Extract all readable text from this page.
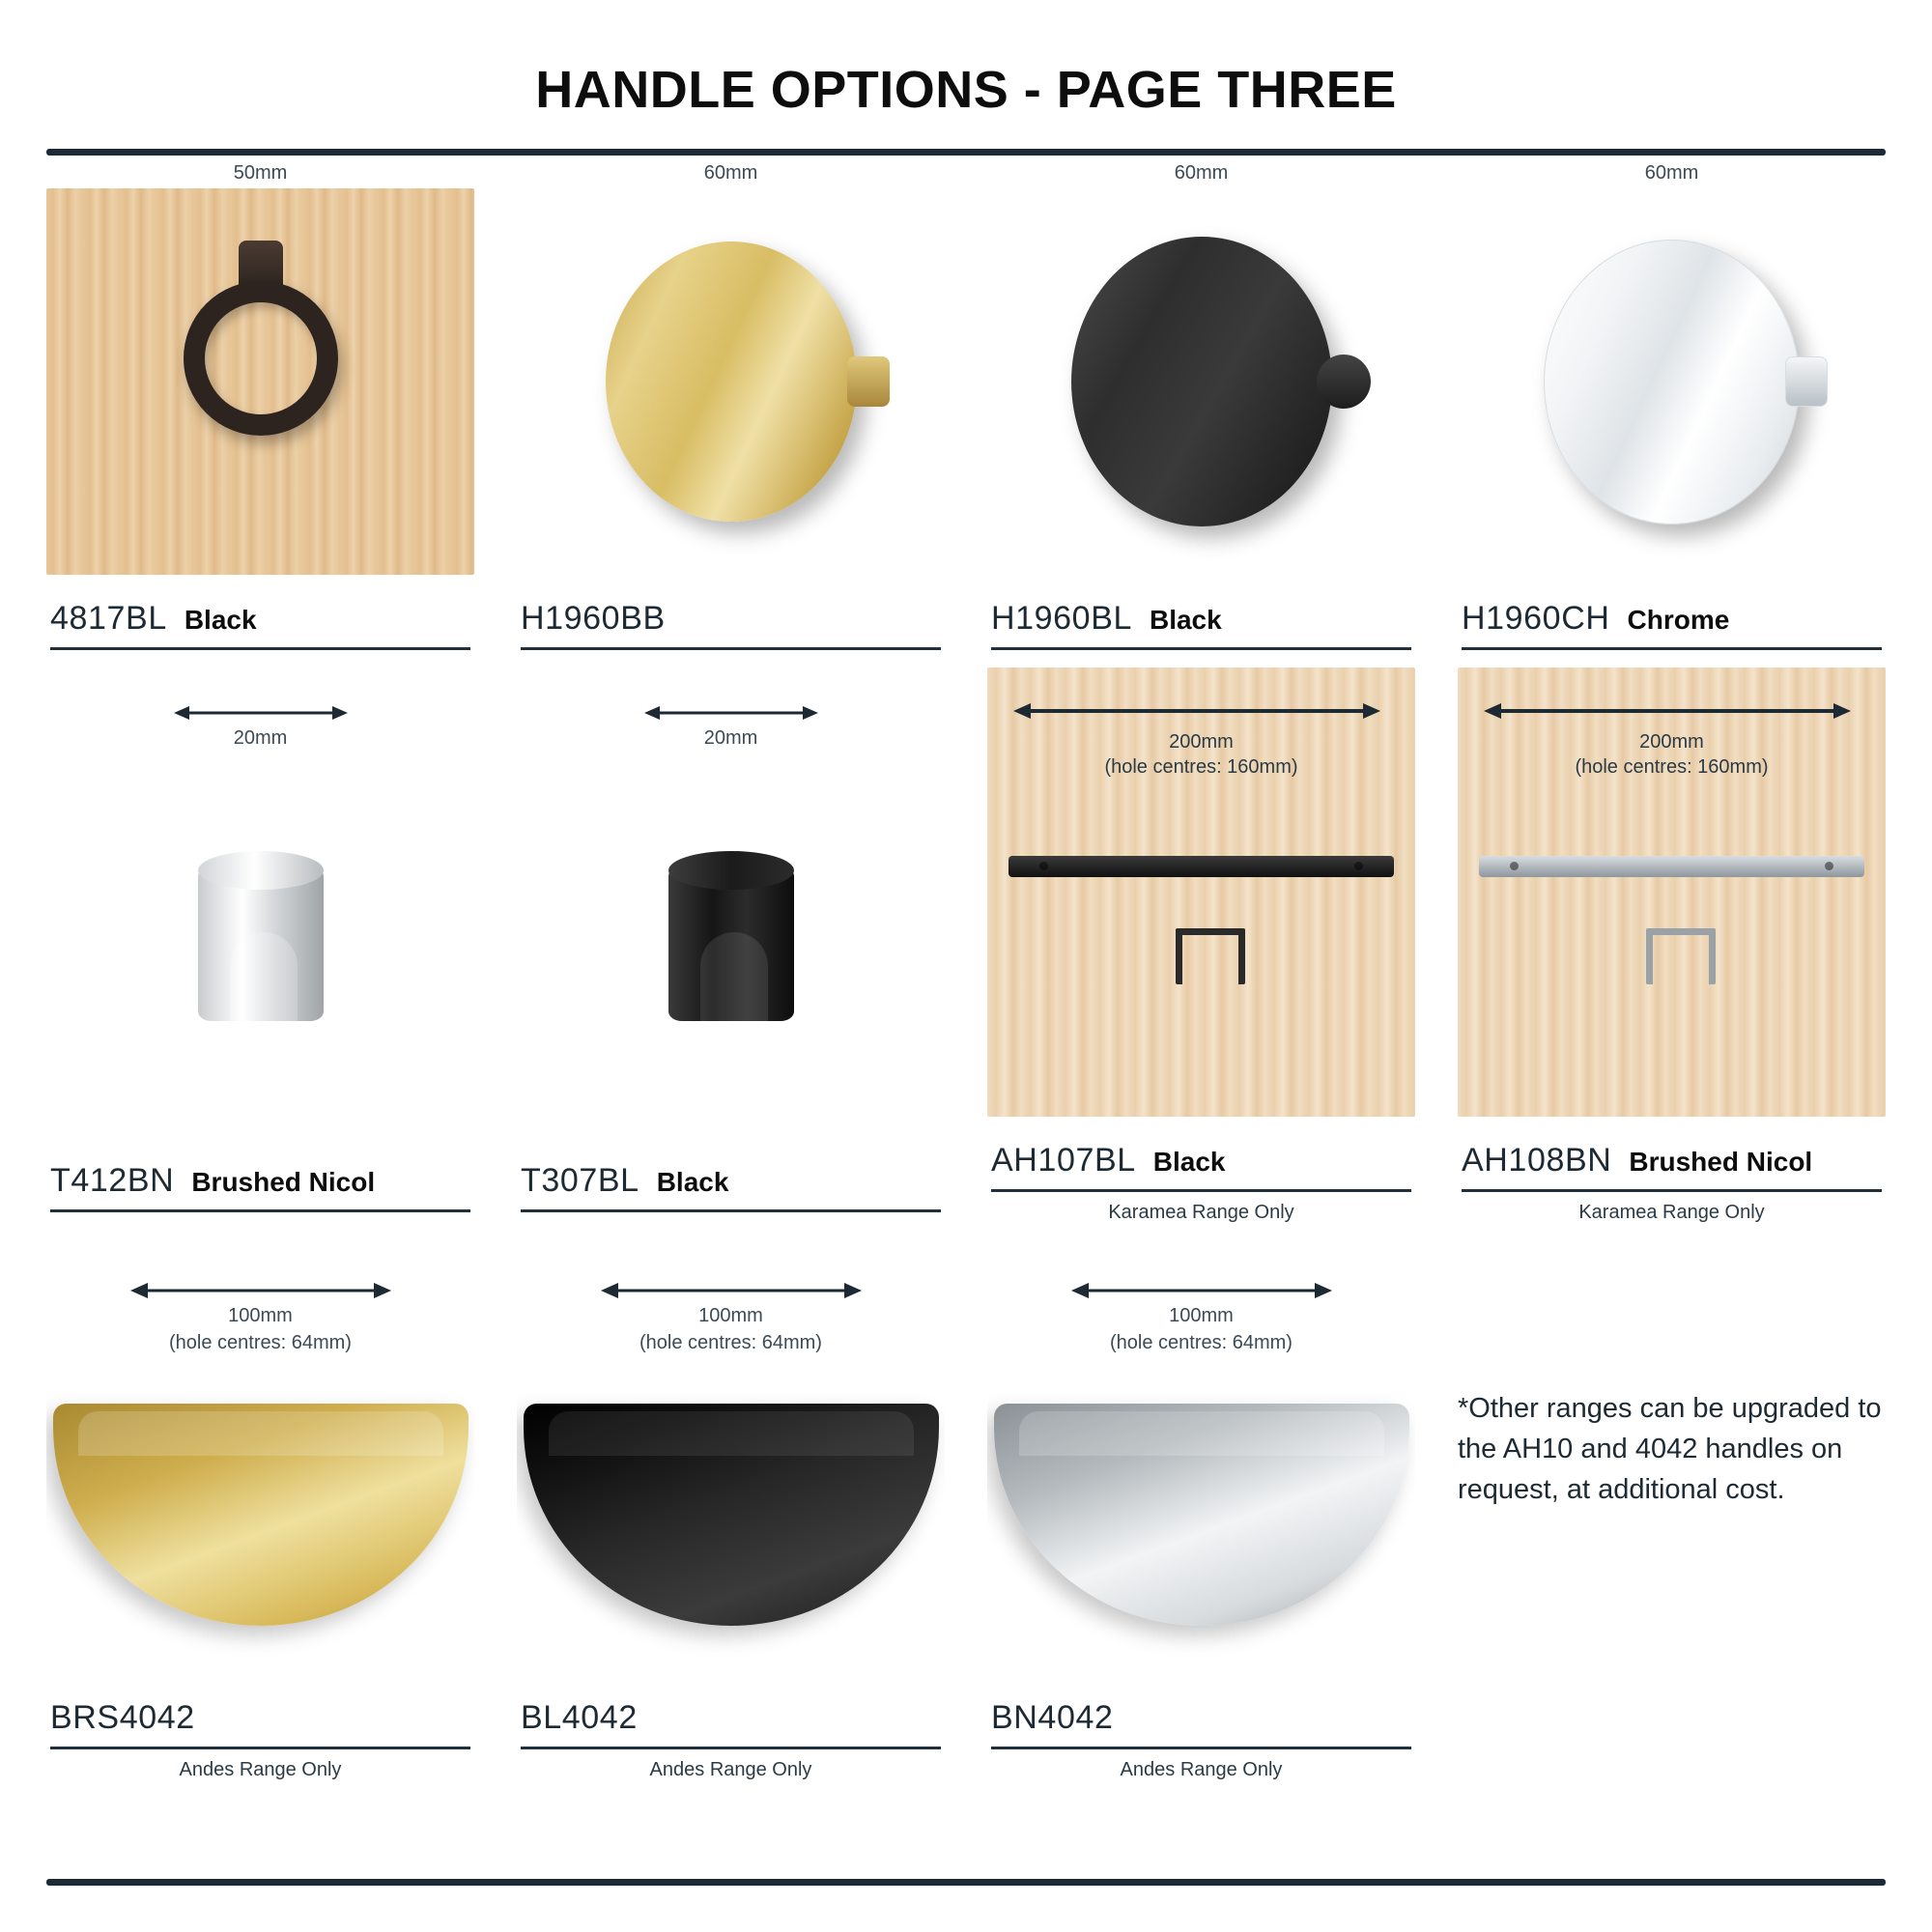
HANDLE OPTIONS - PAGE THREE
50mm
4817BL Black
60mm
H1960BB
60mm
H1960BL Black
60mm
H1960CH Chrome
20mm
T412BN Brushed Nicol
20mm
T307BL Black
200mm
(hole centres: 160mm)
AH107BL Black
Karamea Range Only
200mm
(hole centres: 160mm)
AH108BN Brushed Nicol
Karamea Range Only
100mm
(hole centres: 64mm)
BRS4042
Andes Range Only
100mm
(hole centres: 64mm)
BL4042
Andes Range Only
100mm
(hole centres: 64mm)
BN4042
Andes Range Only
*Other ranges can be upgraded to the AH10 and 4042 handles on request, at additional cost.
